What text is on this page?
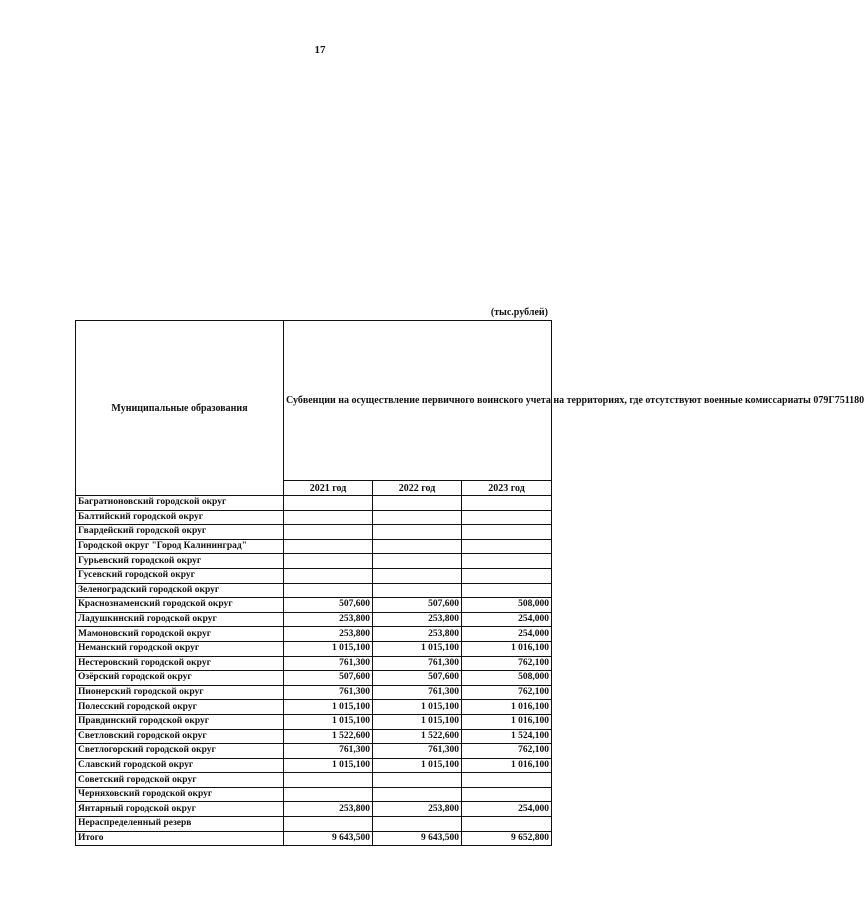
17
(тыс.рублей)
Муниципальные образования	Субвенции на осуществление первичного воинского учета на территориях, где отсутствуют военные комиссариаты 079Г751180		
	2021 год	2022 год	2023 год
Багратионовский городской округ			
Балтийский городской округ			
Гвардейский городской округ			
Городской округ "Город Калининград"			
Гурьевский городской округ			
Гусевский городской округ			
Зеленоградский городской округ			
Краснознаменский городской округ	507,600	507,600	508,000
Ладушкинский городской округ	253,800	253,800	254,000
Мамоновский городской округ	253,800	253,800	254,000
Неманский городской округ	1 015,100	1 015,100	1 016,100
Нестеровский городской округ	761,300	761,300	762,100
Озёрский городской округ	507,600	507,600	508,000
Пионерский городской округ	761,300	761,300	762,100
Полесский городской округ	1 015,100	1 015,100	1 016,100
Правдинский городской округ	1 015,100	1 015,100	1 016,100
Светловский городской округ	1 522,600	1 522,600	1 524,100
Светлогорский городской округ	761,300	761,300	762,100
Славский городской округ	1 015,100	1 015,100	1 016,100
Советский городской округ			
Черняховский городской округ			
Янтарный городской округ	253,800	253,800	254,000
Нераспределенный резерв			
Итого	9 643,500	9 643,500	9 652,800
